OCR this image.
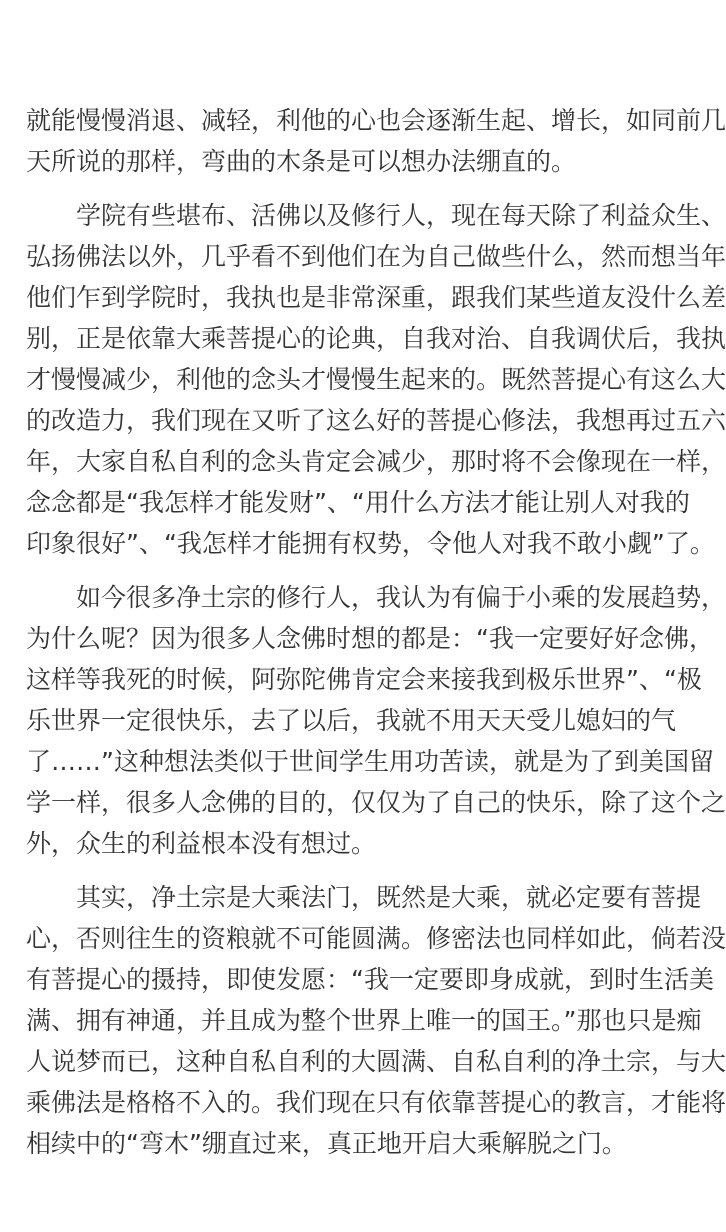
就能慢慢消退、减轻，利他的心也会逐渐生起、增长，如同前几
天所说的那样，弯曲的木条是可以想办法绷直的。
学院有些堪布、活佛以及修行人，现在每天除了利益众生、
弘扬佛法以外，几乎看不到他们在为自己做些什么，然而想当年
他们乍到学院时，我执也是非常深重，跟我们某些道友没什么差
别，正是依靠大乘菩提心的论典，自我对治、自我调伏后，我执
才慢慢减少，利他的念头才慢慢生起来的。既然菩提心有这么大
的改造力，我们现在又听了这么好的菩提心修法，我想再过五六
年，大家自私自利的念头肯定会减少，那时将不会像现在一样，
念念都是“我怎样才能发财”、“用什么方法才能让别人对我的
印象很好”、“我怎样才能拥有权势，令他人对我不敢小觑”了。
如今很多净土宗的修行人，我认为有偏于小乘的发展趋势，
为什么呢？因为很多人念佛时想的都是：“我一定要好好念佛，
这样等我死的时候，阿弥陀佛肯定会来接我到极乐世界”、“极
乐世界一定很快乐，去了以后，我就不用天天受儿媳妇的气
了……”这种想法类似于世间学生用功苦读，就是为了到美国留
学一样，很多人念佛的目的，仅仅为了自己的快乐，除了这个之
外，众生的利益根本没有想过。
其实，净土宗是大乘法门，既然是大乘，就必定要有菩提
心，否则往生的资粮就不可能圆满。修密法也同样如此，倘若没
有菩提心的摄持，即使发愿：“我一定要即身成就，到时生活美
满、拥有神通，并且成为整个世界上唯一的国王。”那也只是痴
人说梦而已，这种自私自利的大圆满、自私自利的净土宗，与大
乘佛法是格格不入的。我们现在只有依靠菩提心的教言，才能将
相续中的“弯木”绷直过来，真正地开启大乘解脱之门。
